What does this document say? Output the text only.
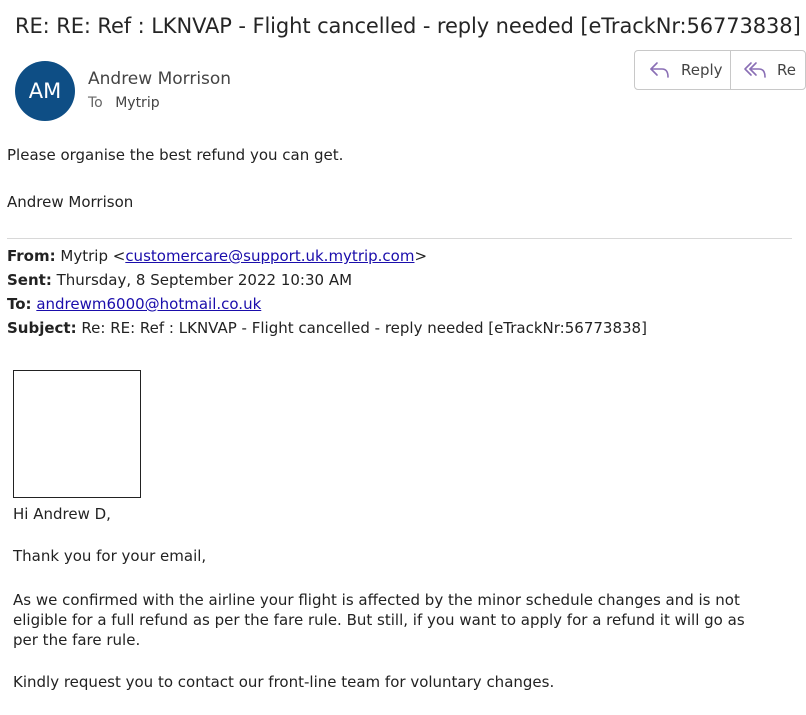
RE: RE: Ref : LKNVAP - Flight cancelled - reply needed [eTrackNr:56773838]
AM Andrew Morrison
To Mytrip
Reply	Re
Please organise the best refund you can get.
Andrew Morrison
From: Mytrip <customercare@support.uk.mytrip.com>
Sent: Thursday, 8 September 2022 10:30 AM
To: andrewm6000@hotmail.co.uk
Subject: Re: RE: Ref : LKNVAP - Flight cancelled - reply needed [eTrackNr:56773838]
Hi Andrew D,
Thank you for your email,
As we confirmed with the airline your flight is affected by the minor schedule changes and is not eligible for a full refund as per the fare rule. But still, if you want to apply for a refund it will go as per the fare rule.
Kindly request you to contact our front-line team for voluntary changes.
